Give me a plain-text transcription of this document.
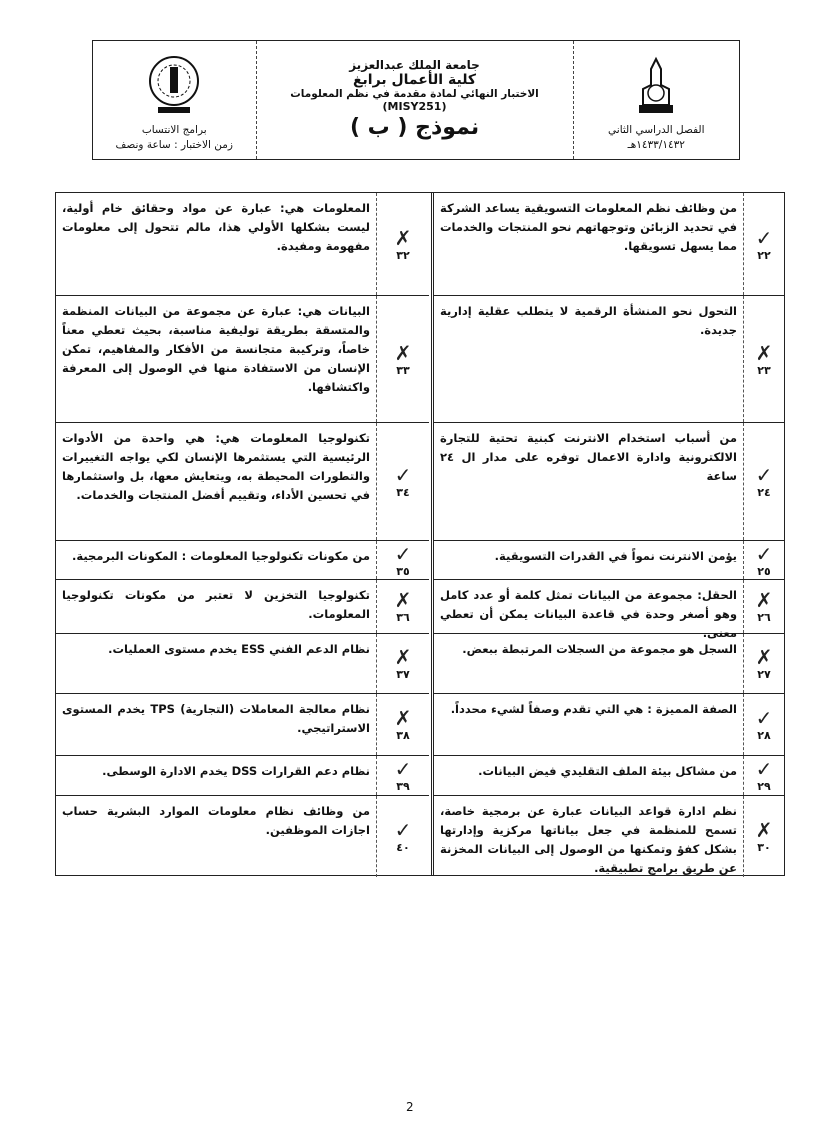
الفصل الدراسي الثاني
١٤٣٣/١٤٣٢هـ
جامعة الملك عبدالعزيز
كلية الأعمال برابغ
الاختبار النهائي لمادة مقدمة في نظم المعلومات
(MISY251)
نموذج ( ب )
برامج الانتساب
زمن الاختبار : ساعة ونصف
✓
٢٢
من وظائف نظم المعلومات التسويقية يساعد الشركة في تحديد الزبائن وتوجهاتهم نحو المنتجات والخدمات مما يسهل تسويقها.
✗
٢٣
التحول نحو المنشأة الرقمية لا يتطلب عقلية إدارية جديدة.
✓
٢٤
من أسباب استخدام الانترنت كبنية تحتية للتجارة الالكترونية وادارة الاعمال توفره على مدار ال ٢٤ ساعة
✓
٢٥
يؤمن الانترنت نمواً في القدرات التسويقية.
✗
٢٦
الحقل: مجموعة من البيانات تمثل كلمة أو عدد كامل وهو أصغر وحدة في قاعدة البيانات يمكن أن تعطي معنى.
✗
٢٧
السجل هو مجموعة من السجلات المرتبطة ببعض.
✓
٢٨
الصفة المميزة : هي التي تقدم وصفاً لشيء محدداً.
✓
٢٩
من مشاكل بيئة الملف التقليدي فيض البيانات.
✗
٣٠
نظم ادارة قواعد البيانات عبارة عن برمجية خاصة، تسمح للمنظمة في جعل بياناتها مركزية وإدارتها بشكل كفؤ وتمكنها من الوصول إلى البيانات المخزنة عن طريق برامج تطبيقية.
✗
٣٢
المعلومات هي: عبارة عن مواد وحقائق خام أولية، ليست بشكلها الأولي هذا، مالم تتحول إلى معلومات مفهومة ومفيدة.
✗
٣٣
البيانات هي: عبارة عن مجموعة من البيانات المنظمة والمتسقة بطريقة توليفية مناسبة، بحيث تعطي معناً خاصاً، وتركيبة متجانسة من الأفكار والمفاهيم، تمكن الإنسان من الاستفادة منها في الوصول إلى المعرفة واكتشافها.
✓
٣٤
تكنولوجيا المعلومات هي: هي واحدة من الأدوات الرئيسية التي يستثمرها الإنسان لكي يواجه التغييرات والتطورات المحيطة به، ويتعايش معها، بل واستثمارها في تحسين الأداء، وتقييم أفضل المنتجات والخدمات.
✓
٣٥
من مكونات تكنولوجيا المعلومات : المكونات البرمجية.
✗
٣٦
تكنولوجيا التخزين لا تعتبر من مكونات تكنولوجيا المعلومات.
✗
٣٧
نظام الدعم الفني ESS يخدم مستوى العمليات.
✗
٣٨
نظام معالجة المعاملات (التجارية) TPS يخدم المستوى الاستراتيجي.
✓
٣٩
نظام دعم القرارات DSS يخدم الادارة الوسطى.
✓
٤٠
من وظائف نظام معلومات الموارد البشرية حساب اجازات الموظفين.
2
